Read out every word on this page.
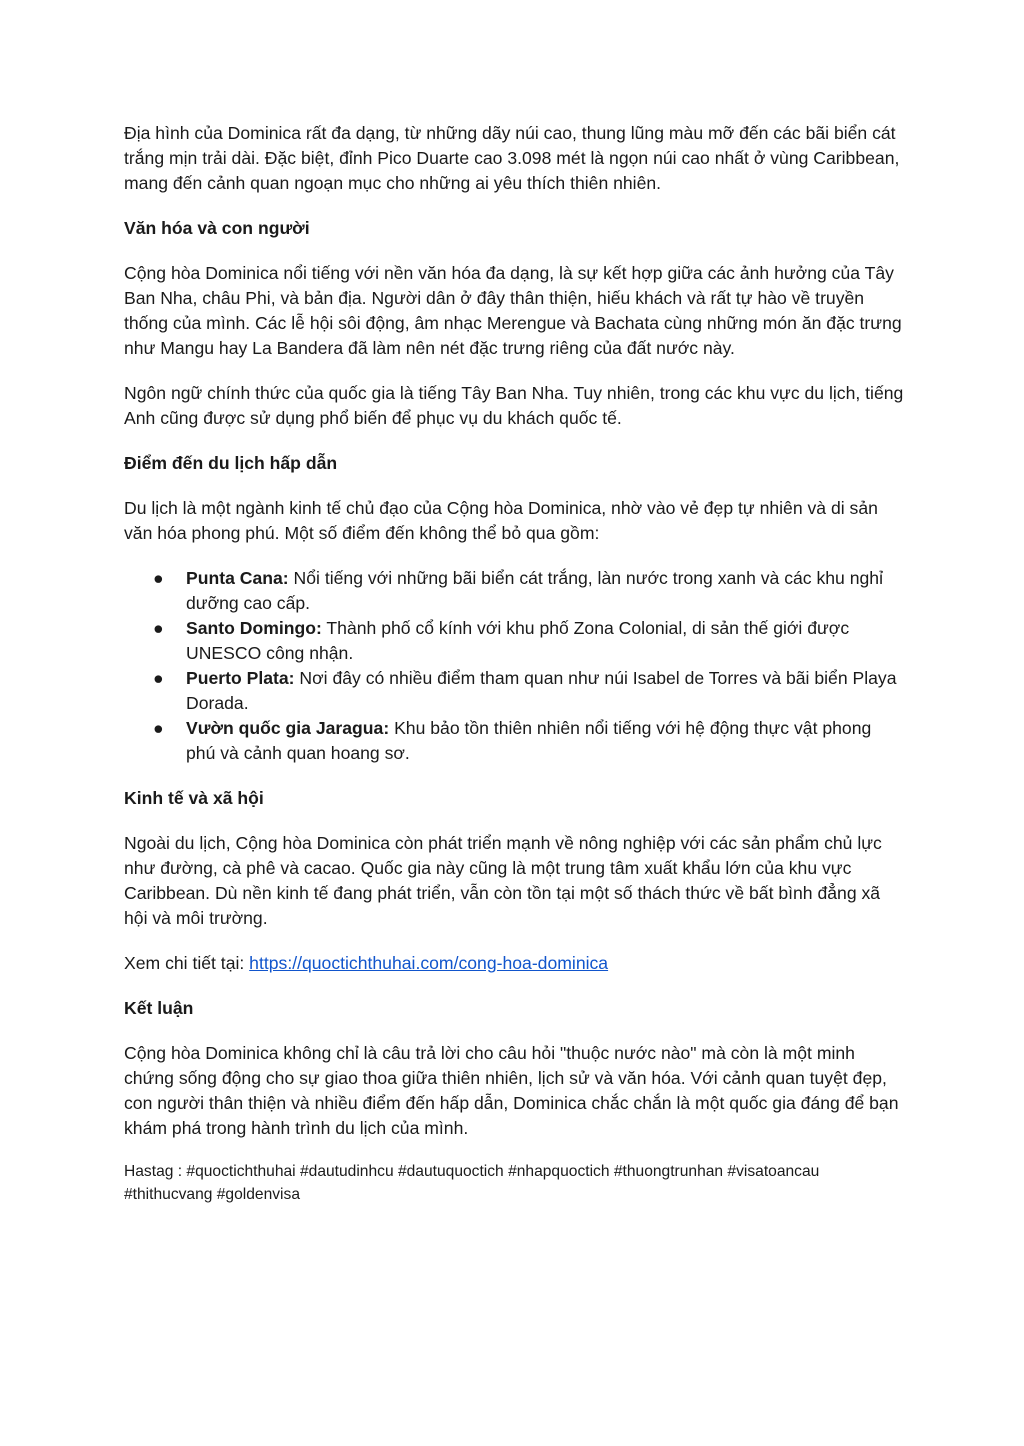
Địa hình của Dominica rất đa dạng, từ những dãy núi cao, thung lũng màu mỡ đến các bãi biển cát trắng mịn trải dài. Đặc biệt, đỉnh Pico Duarte cao 3.098 mét là ngọn núi cao nhất ở vùng Caribbean, mang đến cảnh quan ngoạn mục cho những ai yêu thích thiên nhiên.

Văn hóa và con người

Cộng hòa Dominica nổi tiếng với nền văn hóa đa dạng, là sự kết hợp giữa các ảnh hưởng của Tây Ban Nha, châu Phi, và bản địa. Người dân ở đây thân thiện, hiếu khách và rất tự hào về truyền thống của mình. Các lễ hội sôi động, âm nhạc Merengue và Bachata cùng những món ăn đặc trưng như Mangu hay La Bandera đã làm nên nét đặc trưng riêng của đất nước này.

Ngôn ngữ chính thức của quốc gia là tiếng Tây Ban Nha. Tuy nhiên, trong các khu vực du lịch, tiếng Anh cũng được sử dụng phổ biến để phục vụ du khách quốc tế.

Điểm đến du lịch hấp dẫn

Du lịch là một ngành kinh tế chủ đạo của Cộng hòa Dominica, nhờ vào vẻ đẹp tự nhiên và di sản văn hóa phong phú. Một số điểm đến không thể bỏ qua gồm:

● Punta Cana: Nổi tiếng với những bãi biển cát trắng, làn nước trong xanh và các khu nghỉ dưỡng cao cấp.
● Santo Domingo: Thành phố cổ kính với khu phố Zona Colonial, di sản thế giới được UNESCO công nhận.
● Puerto Plata: Nơi đây có nhiều điểm tham quan như núi Isabel de Torres và bãi biển Playa Dorada.
● Vườn quốc gia Jaragua: Khu bảo tồn thiên nhiên nổi tiếng với hệ động thực vật phong phú và cảnh quan hoang sơ.
Kinh tế và xã hội

Ngoài du lịch, Cộng hòa Dominica còn phát triển mạnh về nông nghiệp với các sản phẩm chủ lực như đường, cà phê và cacao. Quốc gia này cũng là một trung tâm xuất khẩu lớn của khu vực Caribbean. Dù nền kinh tế đang phát triển, vẫn còn tồn tại một số thách thức về bất bình đẳng xã hội và môi trường.

Xem chi tiết tại: https://quoctichthuhai.com/cong-hoa-dominica

Kết luận

Cộng hòa Dominica không chỉ là câu trả lời cho câu hỏi "thuộc nước nào" mà còn là một minh chứng sống động cho sự giao thoa giữa thiên nhiên, lịch sử và văn hóa. Với cảnh quan tuyệt đẹp, con người thân thiện và nhiều điểm đến hấp dẫn, Dominica chắc chắn là một quốc gia đáng để bạn khám phá trong hành trình du lịch của mình.

Hastag : #quoctichthuhai #dautudinhcu #dautuquoctich #nhapquoctich #thuongtrunhan #visatoancau #thithucvang #goldenvisa
